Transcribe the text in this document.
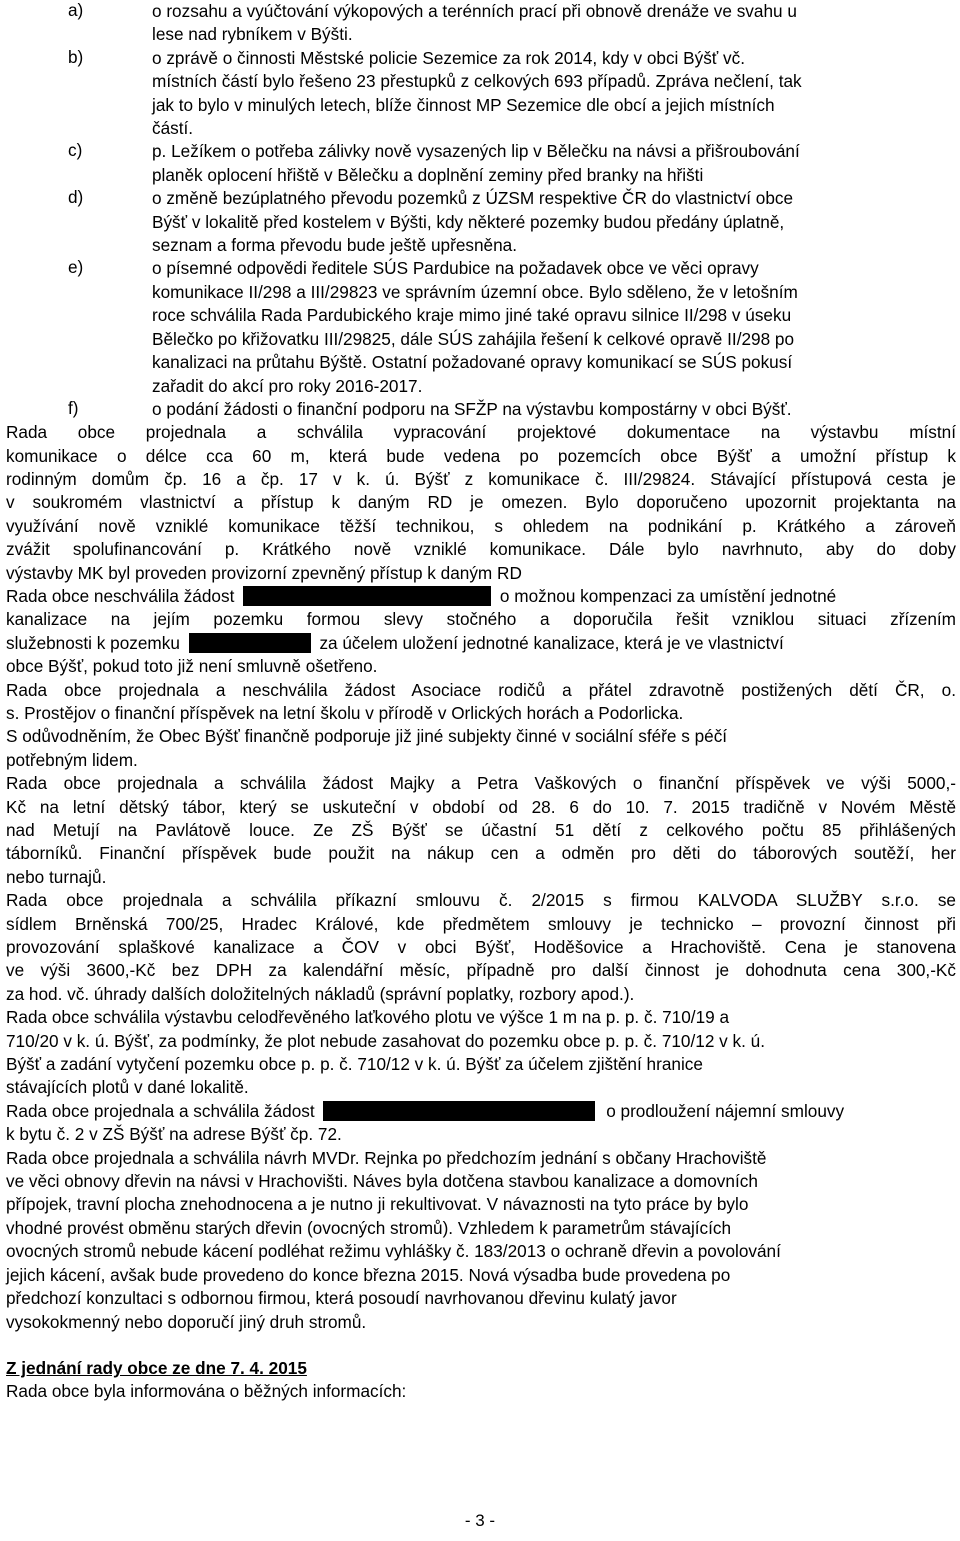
a)	o rozsahu a vyúčtování výkopových a terénních prací při obnově drenáže ve svahu u
lese nad rybníkem v Býšti.
b)	o zprávě o činnosti Městské policie Sezemice za rok 2014, kdy v obci Býšť vč.
místních částí bylo řešeno 23 přestupků z celkových 693 případů. Zpráva nečlení, tak
jak to bylo v minulých letech, blíže činnost MP Sezemice dle obcí a jejich místních
částí.
c)	p. Ležíkem o potřeba zálivky nově vysazených lip v Bělečku na návsi a přišroubování
planěk oplocení hřiště v Bělečku a doplnění zeminy před branky na hřišti
d)	o změně bezúplatného převodu pozemků z ÚZSM respektive ČR do vlastnictví obce
Býšť v lokalitě před kostelem v Býšti, kdy některé pozemky budou předány úplatně,
seznam a forma převodu bude ještě upřesněna.
e)	o písemné odpovědi ředitele SÚS Pardubice na požadavek obce ve věci opravy
komunikace II/298 a III/29823 ve správním územní obce. Bylo sděleno, že v letošním
roce schválila Rada Pardubického kraje mimo jiné také opravu silnice II/298 v úseku
Bělečko po křižovatku III/29825, dále SÚS zahájila řešení k celkové opravě II/298 po
kanalizaci na průtahu Býště. Ostatní požadované opravy komunikací se SÚS pokusí
zařadit do akcí pro roky 2016-2017.
f)	o podání žádosti o finanční podporu na SFŽP na výstavbu kompostárny v obci Býšť.
Rada obce projednala a schválila vypracování projektové dokumentace na výstavbu místní
komunikace o délce cca 60 m, která bude vedena po pozemcích obce Býšť a umožní přístup k
rodinným domům čp. 16 a čp. 17 v k. ú. Býšť z komunikace č. III/29824. Stávající přístupová cesta je
v soukromém vlastnictví a přístup k daným RD je omezen. Bylo doporučeno upozornit projektanta na
využívání nově vzniklé komunikace těžší technikou, s ohledem na podnikání p. Krátkého a zároveň
zvážit spolufinancování p. Krátkého nově vzniklé komunikace. Dále bylo navrhnuto, aby do doby
výstavby MK byl proveden provizorní zpevněný přístup k daným RD
Rada obce neschválila žádost	o možnou kompenzaci za umístění jednotné
kanalizace na jejím pozemku formou slevy stočného a doporučila řešit vzniklou situaci zřízením
služebnosti k pozemku	za účelem uložení jednotné kanalizace, která je ve vlastnictví
obce Býšť, pokud toto již není smluvně ošetřeno.
Rada obce projednala a neschválila žádost Asociace rodičů a přátel zdravotně postižených dětí ČR, o.
s. Prostějov o finanční příspěvek na letní školu v přírodě v Orlických horách a Podorlicka.
S odůvodněním, že Obec Býšť finančně podporuje již jiné subjekty činné v sociální sféře s péčí
potřebným lidem.
Rada obce projednala a schválila žádost Majky a Petra Vaškových o finanční příspěvek ve výši 5000,-
Kč na letní dětský tábor, který se uskuteční v období od 28. 6 do 10. 7. 2015 tradičně v Novém Městě
nad Metují na Pavlátově louce. Ze ZŠ Býšť se účastní 51 dětí z celkového počtu 85 přihlášených
táborníků. Finanční příspěvek bude použit na nákup cen a odměn pro děti do táborových soutěží, her
nebo turnajů.
Rada obce projednala a schválila příkazní smlouvu č. 2/2015 s firmou KALVODA SLUŽBY s.r.o. se
sídlem Brněnská 700/25, Hradec Králové, kde předmětem smlouvy je technicko – provozní činnost při
provozování splaškové kanalizace a ČOV v obci Býšť, Hoděšovice a Hrachoviště. Cena je stanovena
ve výši 3600,-Kč bez DPH za kalendářní měsíc, případně pro další činnost je dohodnuta cena 300,-Kč
za hod. vč. úhrady dalších doložitelných nákladů (správní poplatky, rozbory apod.).
Rada obce schválila výstavbu celodřevěného laťkového plotu ve výšce 1 m na p. p. č. 710/19 a
710/20 v k. ú. Býšť, za podmínky, že plot nebude zasahovat do pozemku obce p. p. č. 710/12 v k. ú.
Býšť a zadání vytyčení pozemku obce p. p. č. 710/12 v k. ú. Býšť za účelem zjištění hranice
stávajících plotů v dané lokalitě.
Rada obce projednala a schválila žádost	o prodloužení nájemní smlouvy
k bytu č. 2 v ZŠ Býšť na adrese Býšť čp. 72.
Rada obce projednala a schválila návrh MVDr. Rejnka po předchozím jednání s občany Hrachoviště
ve věci obnovy dřevin na návsi v Hrachovišti. Náves byla dotčena stavbou kanalizace a domovních
přípojek, travní plocha znehodnocena a je nutno ji rekultivovat. V návaznosti na tyto práce by bylo
vhodné provést obměnu starých dřevin (ovocných stromů). Vzhledem k parametrům stávajících
ovocných stromů nebude kácení podléhat režimu vyhlášky č. 183/2013 o ochraně dřevin a povolování
jejich kácení, avšak bude provedeno do konce března 2015. Nová výsadba bude provedena po
předchozí konzultaci s odbornou firmou, která posoudí navrhovanou dřevinu kulatý javor
vysokokmenný nebo doporučí jiný druh stromů.
Z jednání rady obce ze dne 7. 4. 2015
Rada obce byla informována o běžných informacích:
- 3 -
